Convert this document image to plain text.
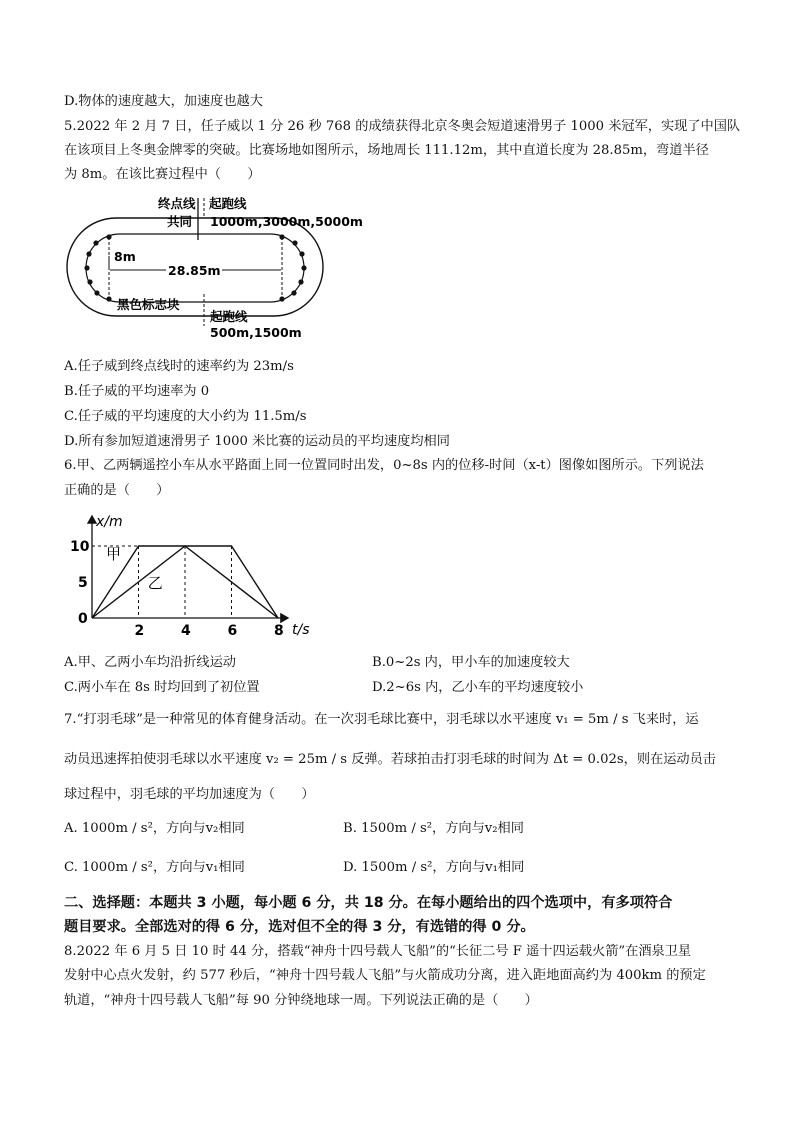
D.物体的速度越大，加速度也越大
5.2022 年 2 月 7 日，任子威以 1 分 26 秒 768 的成绩获得北京冬奥会短道速滑男子 1000 米冠军，实现了中国队
在该项目上冬奥金牌零的突破。比赛场地如图所示，场地周长 111.12m，其中直道长度为 28.85m，弯道半径
为 8m。在该比赛过程中（　　）
终点线 起跑线
共同 1000m,3000m,5000m
8m
28.85m
黑色标志块
起跑线
500m,1500m
A.任子威到终点线时的速率约为 23m/s
B.任子威的平均速率为 0
C.任子威的平均速度的大小约为 11.5m/s
D.所有参加短道速滑男子 1000 米比赛的运动员的平均速度均相同
6.甲、乙两辆遥控小车从水平路面上同一位置同时出发，0~8s 内的位移-时间（x-t）图像如图所示。下列说法
正确的是（　　）
甲
乙
2	4	6	8
0
5
10
x/m
t/s
A.甲、乙两小车均沿折线运动	B.0~2s 内，甲小车的加速度较大
C.两小车在 8s 时均回到了初位置	D.2~6s 内，乙小车的平均速度较小
7.“打羽毛球”是一种常见的体育健身活动。在一次羽毛球比赛中，羽毛球以水平速度 v₁ = 5m / s 飞来时，运
动员迅速挥拍使羽毛球以水平速度 v₂ = 25m / s 反弹。若球拍击打羽毛球的时间为 Δt = 0.02s，则在运动员击
球过程中，羽毛球的平均加速度为（　　）
A. 1000m / s²，方向与v₂相同	B. 1500m / s²，方向与v₂相同
C. 1000m / s²，方向与v₁相同	D. 1500m / s²，方向与v₁相同
二、选择题：本题共 3 小题，每小题 6 分，共 18 分。在每小题给出的四个选项中，有多项符合
题目要求。全部选对的得 6 分，选对但不全的得 3 分，有选错的得 0 分。
8.2022 年 6 月 5 日 10 时 44 分，搭载“神舟十四号载人飞船”的“长征二号 F 遥十四运载火箭”在酒泉卫星
发射中心点火发射，约 577 秒后，“神舟十四号载人飞船”与火箭成功分离，进入距地面高约为 400km 的预定
轨道，“神舟十四号载人飞船”每 90 分钟绕地球一周。下列说法正确的是（　　）
